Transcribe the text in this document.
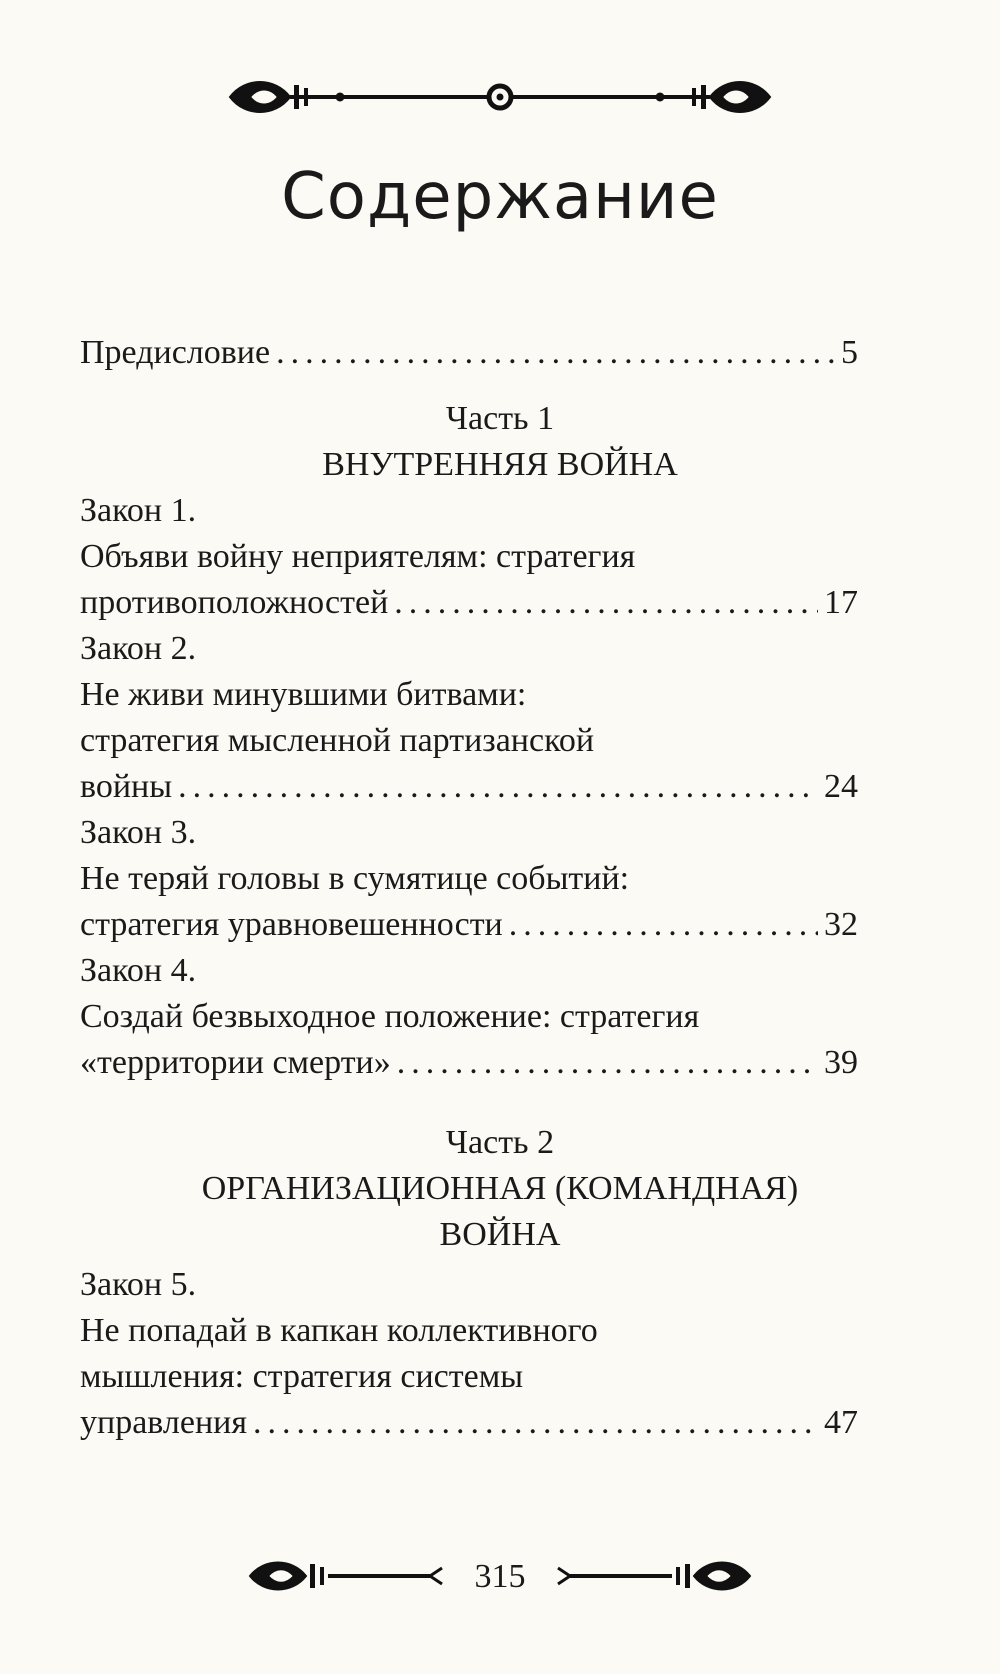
Содержание
Предисловие .....	5
Часть 1
ВНУТРЕННЯЯ ВОЙНА
Закон 1.
Объяви войну неприятелям: стратегия
противоположностей .....	17
Закон 2.
Не живи минувшими битвами:
стратегия мысленной партизанской
войны .....	24
Закон 3.
Не теряй головы в сумятице событий:
стратегия уравновешенности .....	32
Закон 4.
Создай безвыходное положение: стратегия
«территории смерти» .....	39
Часть 2
ОРГАНИЗАЦИОННАЯ (КОМАНДНАЯ)
ВОЙНА
Закон 5.
Не попадай в капкан коллективного
мышления: стратегия системы
управления .....	47
315
